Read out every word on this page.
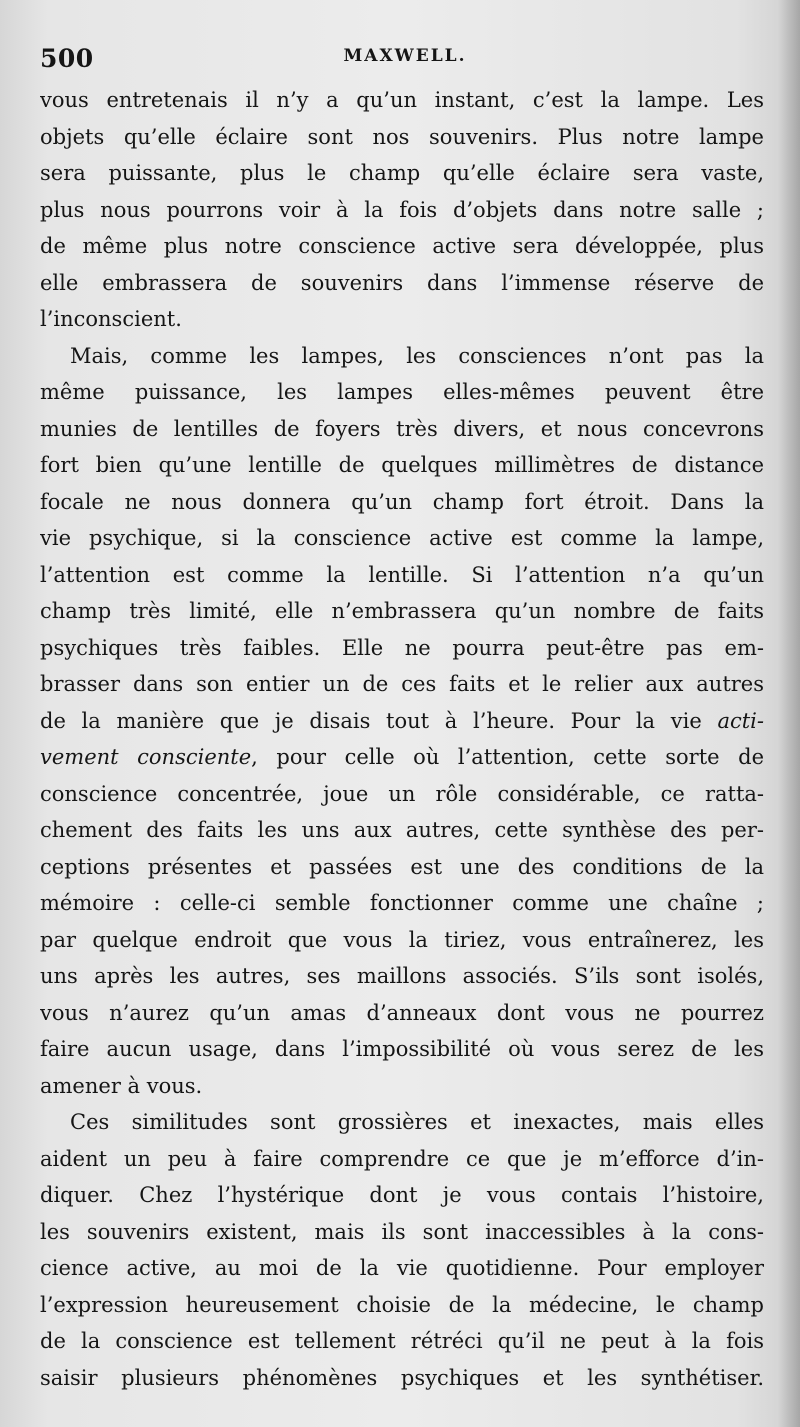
500	MAXWELL.
vous entretenais il n’y a qu’un instant, c’est la lampe. Les
objets qu’elle éclaire sont nos souvenirs. Plus notre lampe
sera puissante, plus le champ qu’elle éclaire sera vaste,
plus nous pourrons voir à la fois d’objets dans notre salle ;
de même plus notre conscience active sera développée, plus
elle embrassera de souvenirs dans l’immense réserve de
l’inconscient.
Mais, comme les lampes, les consciences n’ont pas la
même puissance, les lampes elles-mêmes peuvent être
munies de lentilles de foyers très divers, et nous concevrons
fort bien qu’une lentille de quelques millimètres de distance
focale ne nous donnera qu’un champ fort étroit. Dans la
vie psychique, si la conscience active est comme la lampe,
l’attention est comme la lentille. Si l’attention n’a qu’un
champ très limité, elle n’embrassera qu’un nombre de faits
psychiques très faibles. Elle ne pourra peut-être pas em-
brasser dans son entier un de ces faits et le relier aux autres
de la manière que je disais tout à l’heure. Pour la vie acti-
vement consciente, pour celle où l’attention, cette sorte de
conscience concentrée, joue un rôle considérable, ce ratta-
chement des faits les uns aux autres, cette synthèse des per-
ceptions présentes et passées est une des conditions de la
mémoire : celle-ci semble fonctionner comme une chaîne ;
par quelque endroit que vous la tiriez, vous entraînerez, les
uns après les autres, ses maillons associés. S’ils sont isolés,
vous n’aurez qu’un amas d’anneaux dont vous ne pourrez
faire aucun usage, dans l’impossibilité où vous serez de les
amener à vous.
Ces similitudes sont grossières et inexactes, mais elles
aident un peu à faire comprendre ce que je m’efforce d’in-
diquer. Chez l’hystérique dont je vous contais l’histoire,
les souvenirs existent, mais ils sont inaccessibles à la cons-
cience active, au moi de la vie quotidienne. Pour employer
l’expression heureusement choisie de la médecine, le champ
de la conscience est tellement rétréci qu’il ne peut à la fois
saisir plusieurs phénomènes psychiques et les synthétiser.
